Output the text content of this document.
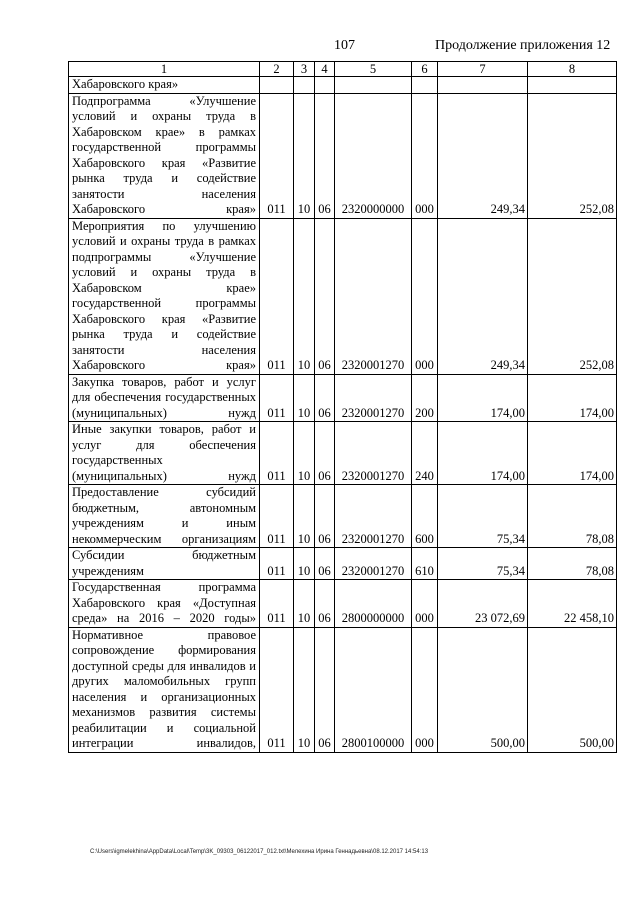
107	Продолжение приложения 12
1	2	3	4	5	6	7	8
Хабаровского края»							
Подпрограмма «Улучшение условий и охраны труда в Хабаровском крае» в рамках государственной программы Хабаровского края «Развитие рынка труда и содействие занятости населения Хабаровского края»	011	10	06	2320000000	000	249,34	252,08
Мероприятия по улучшению условий и охраны труда в рамках подпрограммы «Улучшение условий и охраны труда в Хабаровском крае» государственной программы Хабаровского края «Развитие рынка труда и содействие занятости населения Хабаровского края»	011	10	06	2320001270	000	249,34	252,08
Закупка товаров, работ и услуг для обеспечения государственных (муниципальных) нужд	011	10	06	2320001270	200	174,00	174,00
Иные закупки товаров, работ и услуг для обеспечения государственных (муниципальных) нужд	011	10	06	2320001270	240	174,00	174,00
Предоставление субсидий бюджетным, автономным учреждениям и иным некоммерческим организациям	011	10	06	2320001270	600	75,34	78,08
Субсидии бюджетным учреждениям	011	10	06	2320001270	610	75,34	78,08
Государственная программа Хабаровского края «Доступная среда» на 2016 – 2020 годы»	011	10	06	2800000000	000	23 072,69	22 458,10
Нормативное правовое сопровождение формирования доступной среды для инвалидов и других маломобильных групп населения и организационных механизмов развития системы реабилитации и социальной интеграции инвалидов,	011	10	06	2800100000	000	500,00	500,00
C:\Users\igmelekhina\AppData\Local\Temp\3K_09303_06122017_012.txt\Мелехина Ирина Геннадьевна\08.12.2017 14:54:13
